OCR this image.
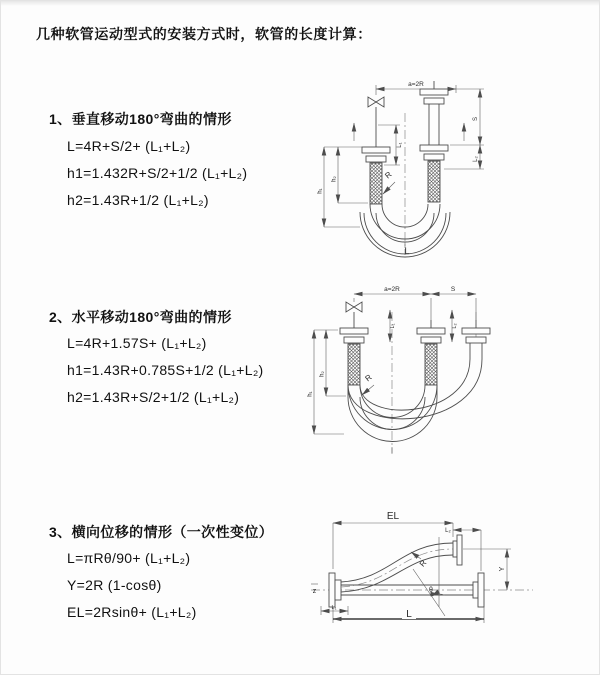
几种软管运动型式的安装方式时，软管的长度计算：
1、垂直移动180°弯曲的情形
L=4R+S/2+ (L₁+L₂)
h1=1.432R+S/2+1/2 (L₁+L₂)
h2=1.43R+1/2 (L₁+L₂)
2、水平移动180°弯曲的情形
L=4R+1.57S+ (L₁+L₂)
h1=1.43R+0.785S+1/2 (L₁+L₂)
h2=1.43R+S/2+1/2 (L₁+L₂)
3、横向位移的情形（一次性变位）
L=πRθ/90+ (L₁+L₂)
Y=2R (1-cosθ)
EL=2Rsinθ+ (L₁+L₂)
a=2R
h₁
h₂
L₁
S
L₂
R
L
a=2R	S
L₁	L₂
h₁
h₂	R
z
EL
L₂
Y
L₁
L
θ
R
